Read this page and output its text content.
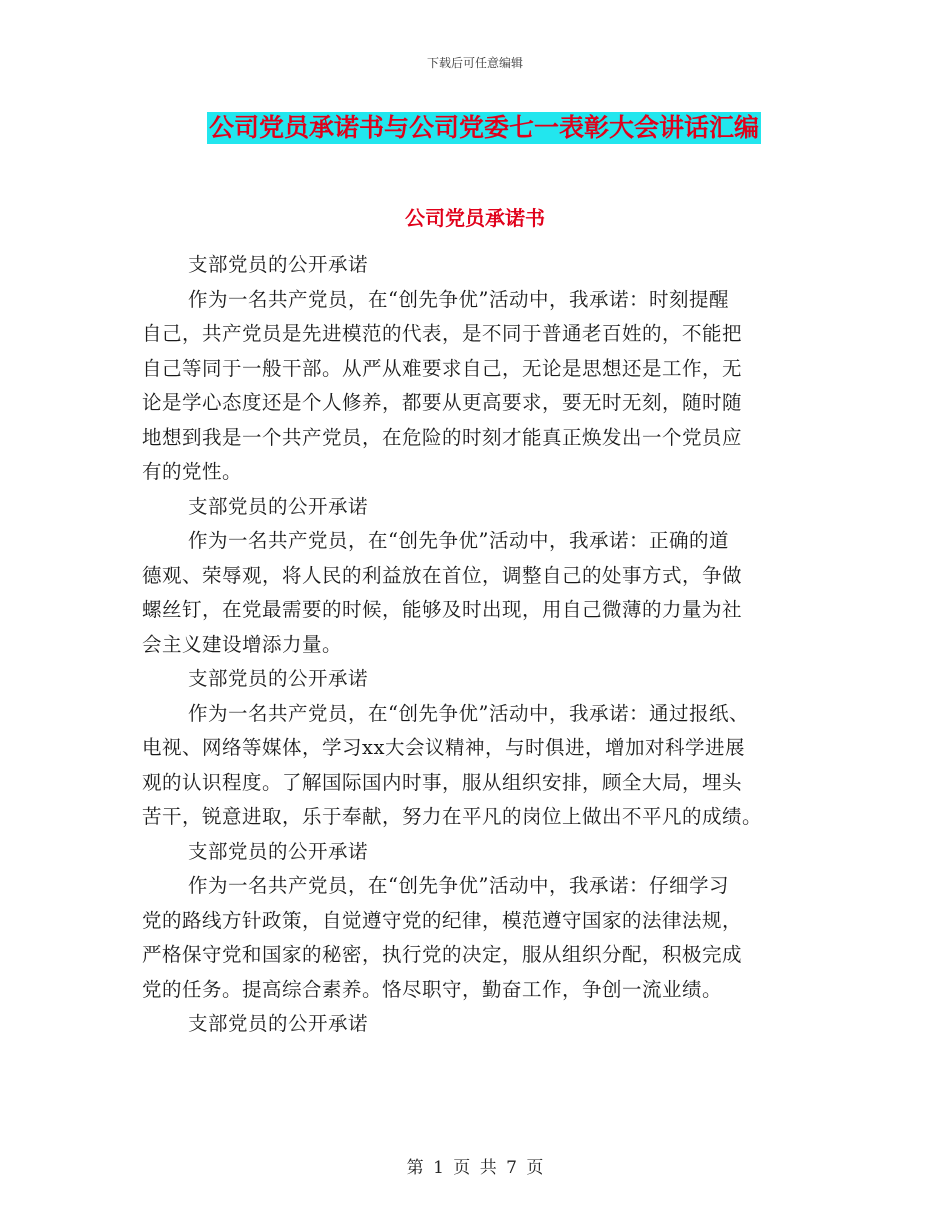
下载后可任意编辑
公司党员承诺书与公司党委七一表彰大会讲话汇编
公司党员承诺书

支部党员的公开承诺

作为一名共产党员，在“创先争优”活动中，我承诺：时刻提醒
自己，共产党员是先进模范的代表，是不同于普通老百姓的，不能把
自己等同于一般干部。从严从难要求自己，无论是思想还是工作，无
论是学心态度还是个人修养，都要从更高要求，要无时无刻，随时随
地想到我是一个共产党员，在危险的时刻才能真正焕发出一个党员应
有的党性。

支部党员的公开承诺

作为一名共产党员，在“创先争优”活动中，我承诺：正确的道
德观、荣辱观，将人民的利益放在首位，调整自己的处事方式，争做
螺丝钉，在党最需要的时候，能够及时出现，用自己微薄的力量为社
会主义建设增添力量。

支部党员的公开承诺

作为一名共产党员，在“创先争优”活动中，我承诺：通过报纸、
电视、网络等媒体，学习xx大会议精神，与时俱进，增加对科学进展
观的认识程度。了解国际国内时事，服从组织安排，顾全大局，埋头
苦干，锐意进取，乐于奉献，努力在平凡的岗位上做出不平凡的成绩。

支部党员的公开承诺

作为一名共产党员，在“创先争优”活动中，我承诺：仔细学习
党的路线方针政策，自觉遵守党的纪律，模范遵守国家的法律法规，
严格保守党和国家的秘密，执行党的决定，服从组织分配，积极完成
党的任务。提高综合素养。恪尽职守，勤奋工作，争创一流业绩。

支部党员的公开承诺

第 1 页 共 7 页
